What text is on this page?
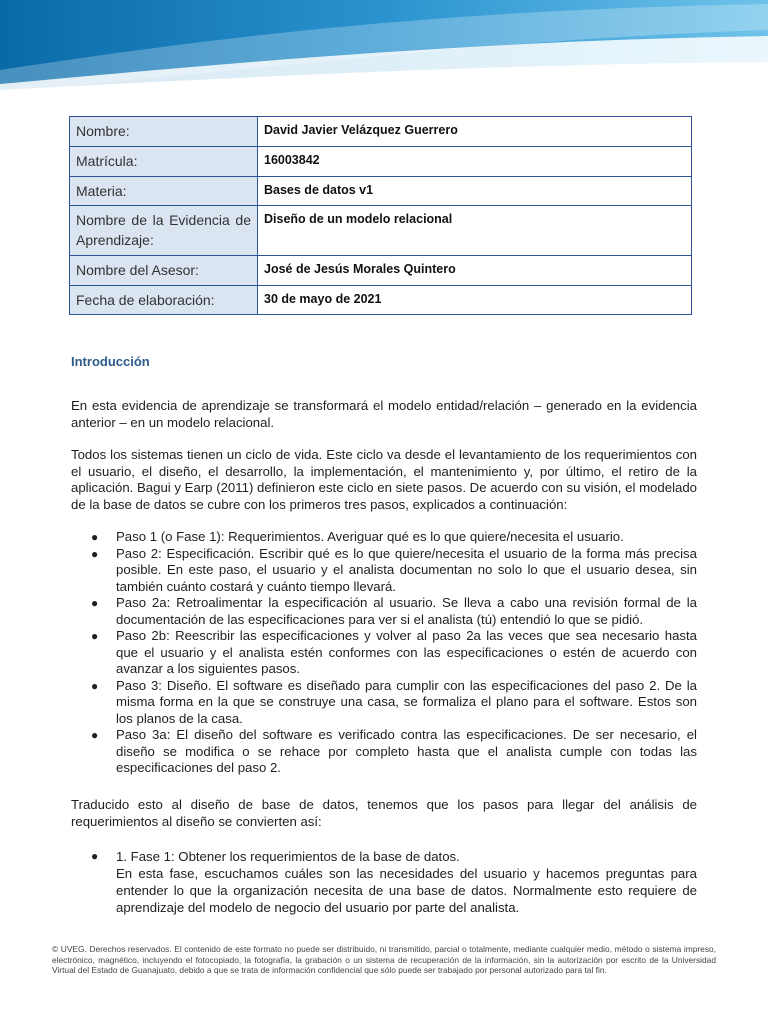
Nombre:	David Javier Velázquez Guerrero
Matrícula:	16003842
Materia:	Bases de datos v1
Nombre de la Evidencia de Aprendizaje:	Diseño de un modelo relacional
Nombre del Asesor:	José de Jesús Morales Quintero
Fecha de elaboración:	30 de mayo de 2021
Introducción
En esta evidencia de aprendizaje se transformará el modelo entidad/relación – generado en la evidencia anterior – en un modelo relacional.
Todos los sistemas tienen un ciclo de vida. Este ciclo va desde el levantamiento de los requerimientos con el usuario, el diseño, el desarrollo, la implementación, el mantenimiento y, por último, el retiro de la aplicación. Bagui y Earp (2011) definieron este ciclo en siete pasos. De acuerdo con su visión, el modelado de la base de datos se cubre con los primeros tres pasos, explicados a continuación:
● Paso 1 (o Fase 1): Requerimientos. Averiguar qué es lo que quiere/necesita el usuario.
● Paso 2: Especificación. Escribir qué es lo que quiere/necesita el usuario de la forma más precisa posible. En este paso, el usuario y el analista documentan no solo lo que el usuario desea, sin también cuánto costará y cuánto tiempo llevará.
● Paso 2a: Retroalimentar la especificación al usuario. Se lleva a cabo una revisión formal de la documentación de las especificaciones para ver si el analista (tú) entendió lo que se pidió.
● Paso 2b: Reescribir las especificaciones y volver al paso 2a las veces que sea necesario hasta que el usuario y el analista estén conformes con las especificaciones o estén de acuerdo con avanzar a los siguientes pasos.
● Paso 3: Diseño. El software es diseñado para cumplir con las especificaciones del paso 2. De la misma forma en la que se construye una casa, se formaliza el plano para el software. Estos son los planos de la casa.
● Paso 3a: El diseño del software es verificado contra las especificaciones. De ser necesario, el diseño se modifica o se rehace por completo hasta que el analista cumple con todas las especificaciones del paso 2.
Traducido esto al diseño de base de datos, tenemos que los pasos para llegar del análisis de requerimientos al diseño se convierten así:
● 1. Fase 1: Obtener los requerimientos de la base de datos.
En esta fase, escuchamos cuáles son las necesidades del usuario y hacemos preguntas para entender lo que la organización necesita de una base de datos. Normalmente esto requiere de aprendizaje del modelo de negocio del usuario por parte del analista.
© UVEG. Derechos reservados. El contenido de este formato no puede ser distribuido, ni transmitido, parcial o totalmente, mediante cualquier medio, método o sistema impreso, electrónico, magnético, incluyendo el fotocopiado, la fotografía, la grabación o un sistema de recuperación de la información, sin la autorización por escrito de la Universidad Virtual del Estado de Guanajuato, debido a que se trata de información confidencial que sólo puede ser trabajado por personal autorizado para tal fin.
